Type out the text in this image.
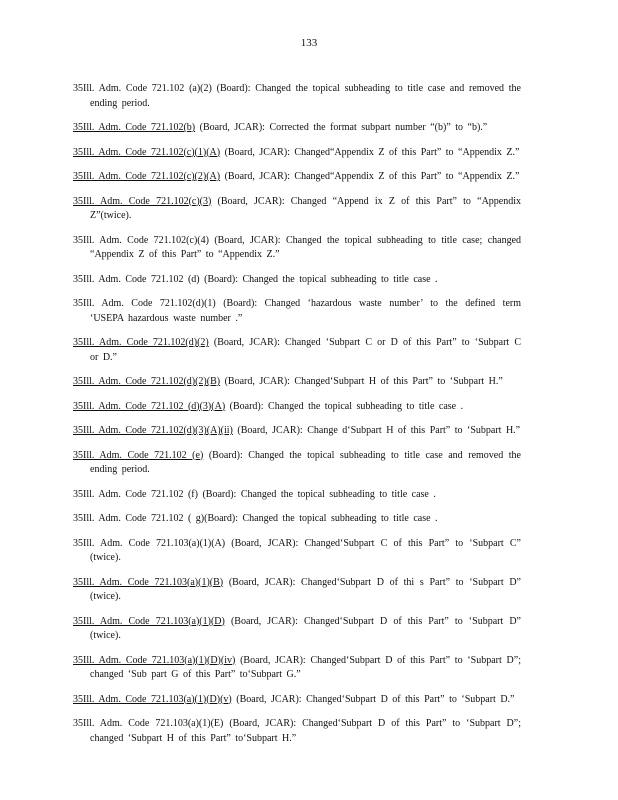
133

35Ill. Adm. Code 721.102 (a)(2) (Board): Changed the topical subheading to title case and removed the ending period.

35Ill. Adm. Code 721.102(b) (Board, JCAR): Corrected the format subpart number “(b)” to “b).”

35Ill. Adm. Code 721.102(c)(1)(A) (Board, JCAR): Changed“Appendix Z of this Part” to “Appendix Z.”

35Ill. Adm. Code 721.102(c)(2)(A) (Board, JCAR): Changed“Appendix Z of this Part” to “Appendix Z.”

35Ill. Adm. Code 721.102(c)(3) (Board, JCAR): Changed “Append ix Z of this Part” to “Appendix Z”(twice).

35Ill. Adm. Code 721.102(c)(4) (Board, JCAR): Changed the topical subheading to title case; changed “Appendix Z of this Part” to “Appendix Z.”

35Ill. Adm. Code 721.102 (d) (Board): Changed the topical subheading to title case .

35Ill. Adm. Code 721.102(d)(1) (Board): Changed ‘hazardous waste number’ to the defined term ‘USEPA hazardous waste number .”

35Ill. Adm. Code 721.102(d)(2) (Board, JCAR): Changed ‘Subpart C or D of this Part” to ‘Subpart C or D.”

35Ill. Adm. Code 721.102(d)(2)(B) (Board, JCAR): Changed‘Subpart H of this Part” to ‘Subpart H.”

35Ill. Adm. Code 721.102 (d)(3)(A) (Board): Changed the topical subheading to title case .

35Ill. Adm. Code 721.102(d)(3)(A)(ii) (Board, JCAR): Change d‘Subpart H of this Part” to ‘Subpart H.”

35Ill. Adm. Code 721.102 (e) (Board): Changed the topical subheading to title case and removed the ending period.

35Ill. Adm. Code 721.102 (f) (Board): Changed the topical subheading to title case .

35Ill. Adm. Code 721.102 ( g)(Board): Changed the topical subheading to title case .

35Ill. Adm. Code 721.103(a)(1)(A) (Board, JCAR): Changed‘Subpart C of this Part” to ‘Subpart C” (twice).

35Ill. Adm. Code 721.103(a)(1)(B) (Board, JCAR): Changed‘Subpart D of thi s Part” to ‘Subpart D” (twice).

35Ill. Adm. Code 721.103(a)(1)(D) (Board, JCAR): Changed‘Subpart D of this Part” to ‘Subpart D” (twice).

35Ill. Adm. Code 721.103(a)(1)(D)(iv) (Board, JCAR): Changed‘Subpart D of this Part” to ‘Subpart D”; changed ‘Sub part G of this Part” to‘Subpart G.”

35Ill. Adm. Code 721.103(a)(1)(D)(v) (Board, JCAR): Changed‘Subpart D of this Part” to ‘Subpart D.”

35Ill. Adm. Code 721.103(a)(1)(E) (Board, JCAR): Changed‘Subpart D of this Part” to ‘Subpart D”; changed ‘Subpart H of this Part” to‘Subpart H.”
